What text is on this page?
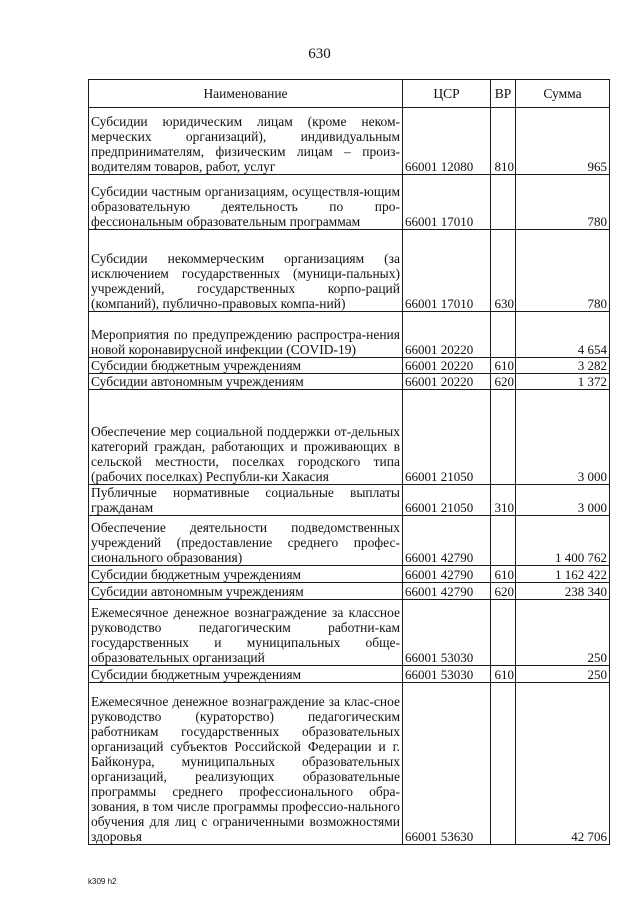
630
Наименование	ЦСР	ВР	Сумма
Субсидии юридическим лицам (кроме неком-мерческих организаций), индивидуальным предпринимателям, физическим лицам – произ-водителям товаров, работ, услуг	66001 12080	810	965
Субсидии частным организациям, осуществля-ющим образовательную деятельность по про-фессиональным образовательным программам	66001 17010		780
Субсидии некоммерческим организациям (за исключением государственных (муници-пальных) учреждений, государственных корпо-раций (компаний), публично-правовых компа-ний)	66001 17010	630	780
Мероприятия по предупреждению распростра-нения новой коронавирусной инфекции (COVID-19)	66001 20220		4 654
Субсидии бюджетным учреждениям	66001 20220	610	3 282
Субсидии автономным учреждениям	66001 20220	620	1 372
Обеспечение мер социальной поддержки от-дельных категорий граждан, работающих и проживающих в сельской местности, поселках городского типа (рабочих поселках) Республи-ки Хакасия	66001 21050		3 000
Публичные нормативные социальные выплаты гражданам	66001 21050	310	3 000
Обеспечение деятельности подведомственных учреждений (предоставление среднего профес-сионального образования)	66001 42790		1 400 762
Субсидии бюджетным учреждениям	66001 42790	610	1 162 422
Субсидии автономным учреждениям	66001 42790	620	238 340
Ежемесячное денежное вознаграждение за классное руководство педагогическим работни-кам государственных и муниципальных обще-образовательных организаций	66001 53030		250
Субсидии бюджетным учреждениям	66001 53030	610	250
Ежемесячное денежное вознаграждение за клас-сное руководство (кураторство) педагогическим работникам государственных образовательных организаций субъектов Российской Федерации и г. Байконура, муниципальных образовательных организаций, реализующих образовательные программы среднего профессионального обра-зования, в том числе программы профессио-нального обучения для лиц с ограниченными возможностями здоровья	66001 53630		42 706
k309 h2
